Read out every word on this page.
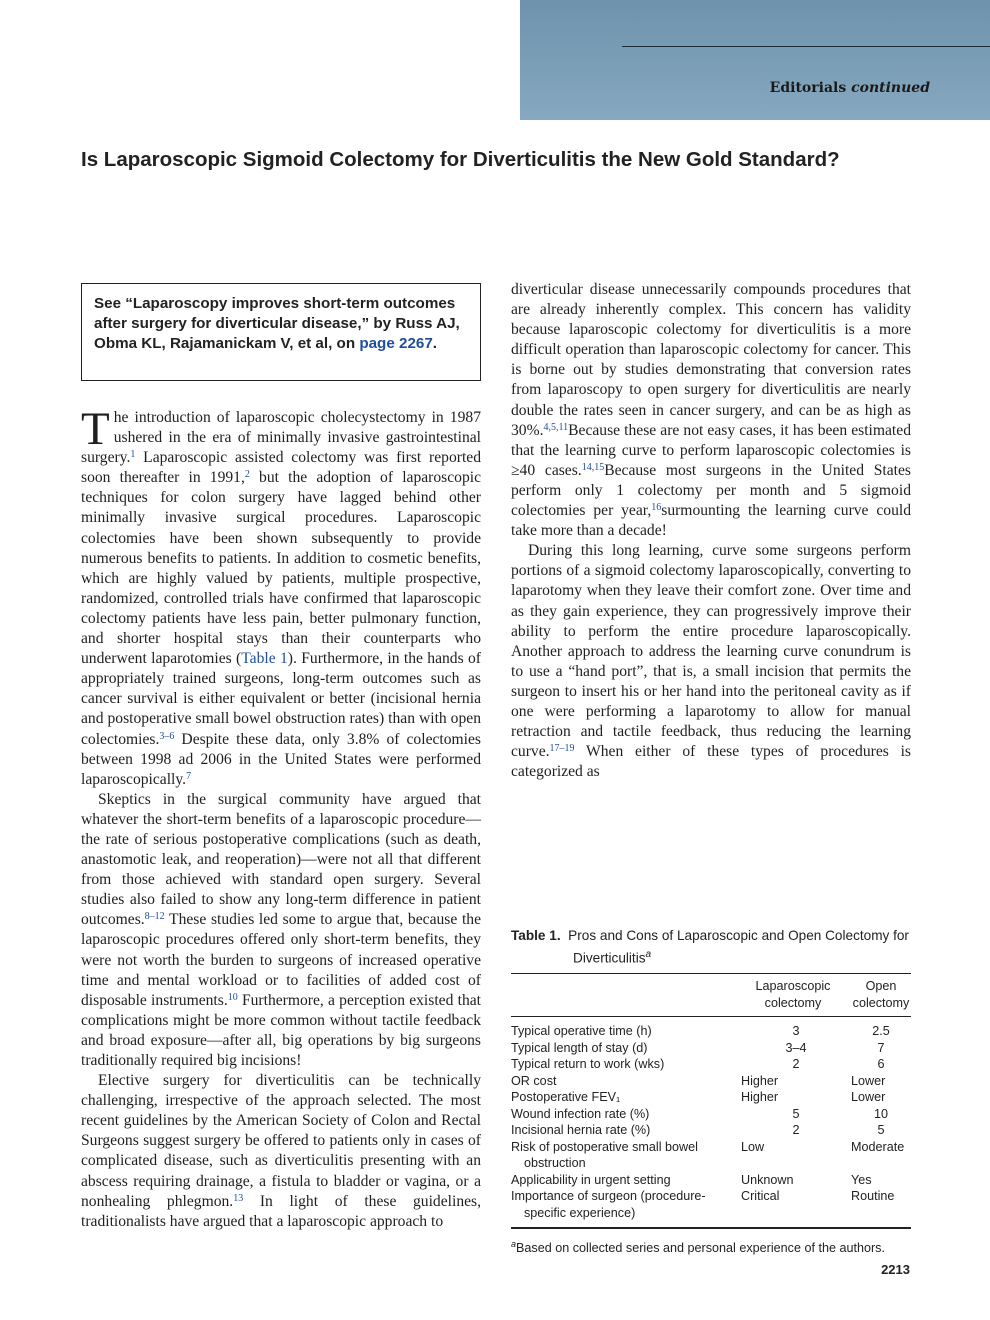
Editorials continued
Is Laparoscopic Sigmoid Colectomy for Diverticulitis the New Gold Standard?
See “Laparoscopy improves short-term outcomes after surgery for diverticular disease,” by Russ AJ, Obma KL, Rajamanickam V, et al, on page 2267.

The introduction of laparoscopic cholecystectomy in 1987 ushered in the era of minimally invasive gastrointestinal surgery.$^1$ Laparoscopic assisted colectomy was first reported soon thereafter in 1991,$^2$ but the adoption of laparoscopic techniques for colon surgery have lagged behind other minimally invasive surgical procedures. Laparoscopic colectomies have been shown subsequently to provide numerous benefits to patients. In addition to cosmetic benefits, which are highly valued by patients, multiple prospective, randomized, controlled trials have confirmed that laparoscopic colectomy patients have less pain, better pulmonary function, and shorter hospital stays than their counterparts who underwent laparotomies (Table 1). Furthermore, in the hands of appropriately trained surgeons, long-term outcomes such as cancer survival is either equivalent or better (incisional hernia and postoperative small bowel obstruction rates) than with open colectomies.$^{3-6}$ Despite these data, only 3.8% of colectomies between 1998 ad 2006 in the United States were performed laparoscopically.$^7$

Skeptics in the surgical community have argued that whatever the short-term benefits of a laparoscopic procedure—the rate of serious postoperative complications (such as death, anastomotic leak, and reoperation)—were not all that different from those achieved with standard open surgery. Several studies also failed to show any long-term difference in patient outcomes.$^{8-12}$ These studies led some to argue that, because the laparoscopic procedures offered only short-term benefits, they were not worth the burden to surgeons of increased operative time and mental workload or to facilities of added cost of disposable instruments.$^{10}$ Furthermore, a perception existed that complications might be more common without tactile feedback and broad exposure—after all, big operations by big surgeons traditionally required big incisions!

Elective surgery for diverticulitis can be technically challenging, irrespective of the approach selected. The most recent guidelines by the American Society of Colon and Rectal Surgeons suggest surgery be offered to patients only in cases of complicated disease, such as diverticulitis presenting with an abscess requiring drainage, a fistula to bladder or vagina, or a nonhealing phlegmon.$^{13}$ In light of these guidelines, traditionalists have argued that a laparoscopic approach to

diverticular disease unnecessarily compounds procedures that are already inherently complex. This concern has validity because laparoscopic colectomy for diverticulitis is a more difficult operation than laparoscopic colectomy for cancer. This is borne out by studies demonstrating that conversion rates from laparoscopy to open surgery for diverticulitis are nearly double the rates seen in cancer surgery, and can be as high as 30%.$^{4,5,11}$Because these are not easy cases, it has been estimated that the learning curve to perform laparoscopic colectomies is ≥40 cases.$^{14,15}$Because most surgeons in the United States perform only 1 colectomy per month and 5 sigmoid colectomies per year,$^{16}$surmounting the learning curve could take more than a decade!

During this long learning, curve some surgeons perform portions of a sigmoid colectomy laparoscopically, converting to laparotomy when they leave their comfort zone. Over time and as they gain experience, they can progressively improve their ability to perform the entire procedure laparoscopically. Another approach to address the learning curve conundrum is to use a “hand port”, that is, a small incision that permits the surgeon to insert his or her hand into the peritoneal cavity as if one were performing a laparotomy to allow for manual retraction and tactile feedback, thus reducing the learning curve.$^{17-19}$ When either of these types of procedures is categorized as

Table 1. Pros and Cons of Laparoscopic and Open Colectomy for Diverticulitis$^a$
	Laparoscopic colectomy	Open colectomy

Typical operative time (h)	3	2.5
Typical length of stay (d)	3–4	7
Typical return to work (wks)	2	6
OR cost	Higher	Lower
Postoperative FEV₁	Higher	Lower
Wound infection rate (%)	5	10
Incisional hernia rate (%)	2	5
Risk of postoperative small bowel obstruction	Low	Moderate
Applicability in urgent setting	Unknown	Yes
Importance of surgeon (procedure-specific experience)	Critical	Routine
$^a$Based on collected series and personal experience of the authors.
2213
